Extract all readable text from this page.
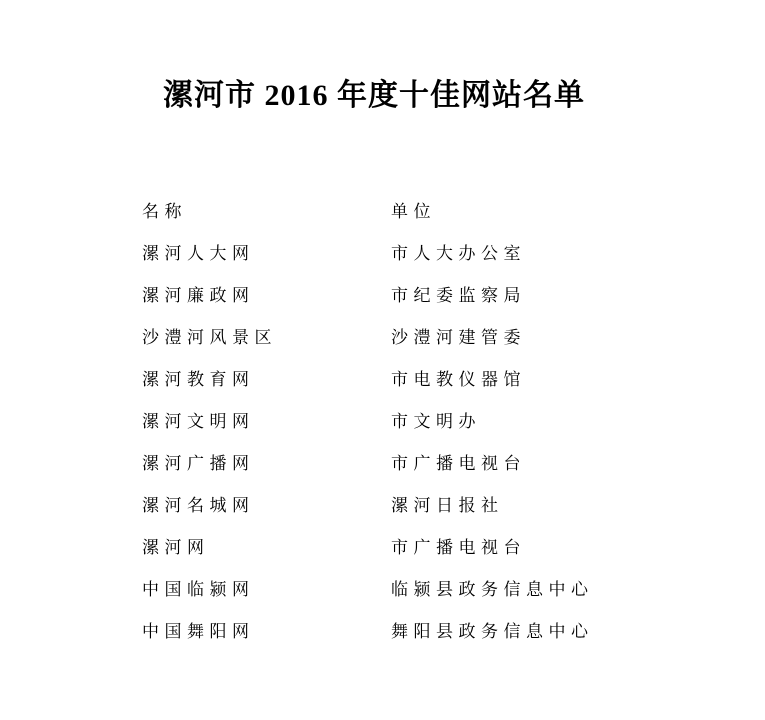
漯河市 2016 年度十佳网站名单
名称	单位
漯河人大网	市人大办公室
漯河廉政网	市纪委监察局
沙澧河风景区	沙澧河建管委
漯河教育网	市电教仪器馆
漯河文明网	市文明办
漯河广播网	市广播电视台
漯河名城网	漯河日报社
漯河网	市广播电视台
中国临颍网	临颍县政务信息中心
中国舞阳网	舞阳县政务信息中心
